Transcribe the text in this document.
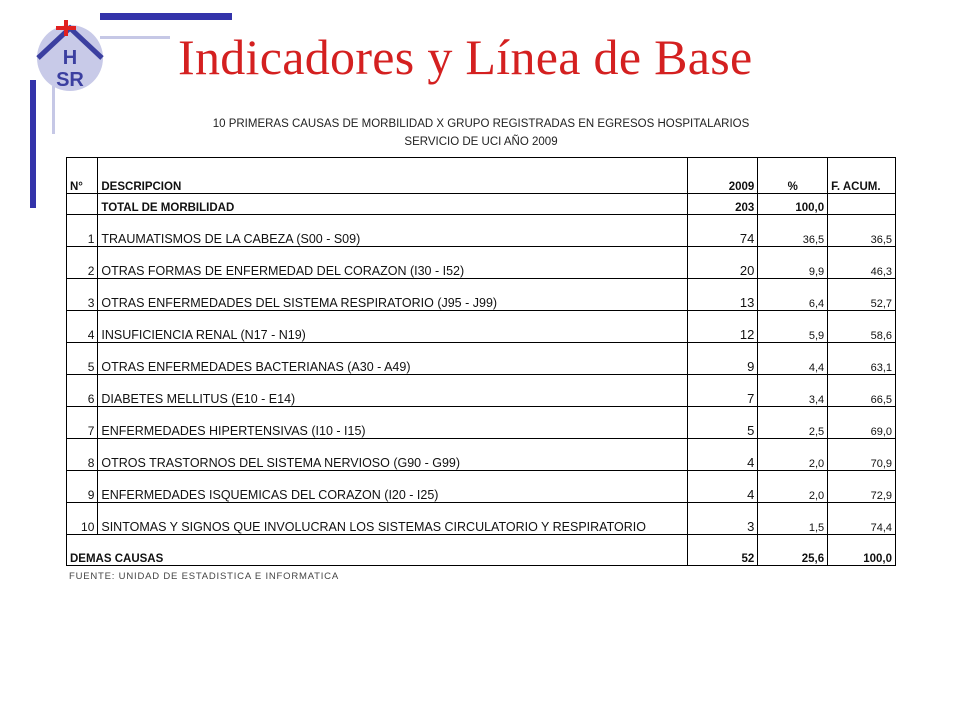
H
SR Indicadores y Línea de Base
10 PRIMERAS CAUSAS DE MORBILIDAD X GRUPO REGISTRADAS EN EGRESOS HOSPITALARIOS
SERVICIO DE UCI AÑO 2009
N°	DESCRIPCION	2009	%	F. ACUM.
	TOTAL DE MORBILIDAD	203	100,0	
1	TRAUMATISMOS DE LA CABEZA (S00 - S09)	74	36,5	36,5
2	OTRAS FORMAS DE ENFERMEDAD DEL CORAZON (I30 - I52)	20	9,9	46,3
3	OTRAS ENFERMEDADES DEL SISTEMA RESPIRATORIO (J95 - J99)	13	6,4	52,7
4	INSUFICIENCIA RENAL (N17 - N19)	12	5,9	58,6
5	OTRAS ENFERMEDADES BACTERIANAS (A30 - A49)	9	4,4	63,1
6	DIABETES MELLITUS (E10 - E14)	7	3,4	66,5
7	ENFERMEDADES HIPERTENSIVAS (I10 - I15)	5	2,5	69,0
8	OTROS TRASTORNOS DEL SISTEMA NERVIOSO (G90 - G99)	4	2,0	70,9
9	ENFERMEDADES ISQUEMICAS DEL CORAZON (I20 - I25)	4	2,0	72,9
10	SINTOMAS Y SIGNOS QUE INVOLUCRAN LOS SISTEMAS CIRCULATORIO Y RESPIRATORIO	3	1,5	74,4
DEMAS CAUSAS		52	25,6	100,0
FUENTE: UNIDAD DE ESTADISTICA E INFORMATICA
